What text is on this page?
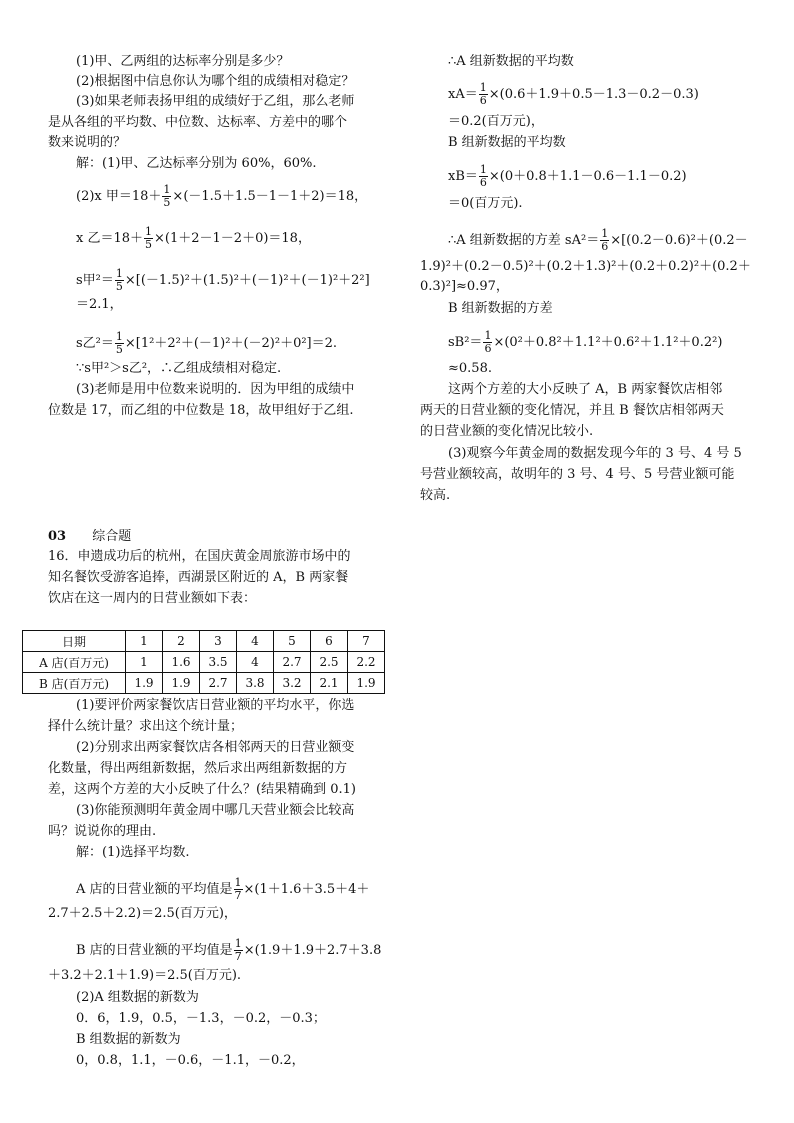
(1)甲、乙两组的达标率分别是多少？
(2)根据图中信息你认为哪个组的成绩相对稳定？
(3)如果老师表扬甲组的成绩好于乙组，那么老师
是从各组的平均数、中位数、达标率、方差中的哪个
数来说明的？
解：(1)甲、乙达标率分别为 60%，60%.
(2)x 甲$=18+ \frac{1}{5} \times(-1.5+1.5-1-1+2)=18$，
x 乙$=18+ \frac{1}{5} \times(1+2-1-2+0)=18$，
s甲$^2= \frac{1}{5} \times[(-1.5)^2+(1.5)^2+(-1)^2+(-1)^2+2^2]$
＝2.1，
s乙$^2= \frac{1}{5} \times[1^2+2^2+(-1)^2+(-2)^2+0^2]=2$.
∵s甲²＞s乙²，∴乙组成绩相对稳定.
(3)老师是用中位数来说明的．因为甲组的成绩中
位数是 17，而乙组的中位数是 18，故甲组好于乙组.
∴A 组新数据的平均数
$xA= \frac{1}{6} \times(0.6+1.9+0.5-1.3-0.2-0.3)$
＝0.2(百万元)，
B 组新数据的平均数
$xB= \frac{1}{6} \times(0+0.8+1.1-0.6-1.1-0.2)$
＝0(百万元).
∴A 组新数据的方差 $sA^2= \frac{1}{6} \times[(0.2-0.6)^2+(0.2-$
1.9)²＋(0.2－0.5)²＋(0.2＋1.3)²＋(0.2＋0.2)²＋(0.2＋
0.3)²]≈0.97，
B 组新数据的方差
$sB^2= \frac{1}{6} \times(0^2+0.8^2+1.1^2+0.6^2+1.1^2+0.2^2)$
≈0.58.
这两个方差的大小反映了 A，B 两家餐饮店相邻
两天的日营业额的变化情况，并且 B 餐饮店相邻两天
的日营业额的变化情况比较小.
(3)观察今年黄金周的数据发现今年的 3 号、4 号 5
号营业额较高，故明年的 3 号、4 号、5 号营业额可能
较高.
03 综合题
16．申遗成功后的杭州，在国庆黄金周旅游市场中的
知名餐饮受游客追捧，西湖景区附近的 A，B 两家餐
饮店在这一周内的日营业额如下表：
日期	1	2	3	4	5	6	7
A 店(百万元)	1	1.6	3.5	4	2.7	2.5	2.2
B 店(百万元)	1.9	1.9	2.7	3.8	3.2	2.1	1.9
(1)要评价两家餐饮店日营业额的平均水平，你选
择什么统计量？求出这个统计量；
(2)分别求出两家餐饮店各相邻两天的日营业额变
化数量，得出两组新数据，然后求出两组新数据的方
差，这两个方差的大小反映了什么？(结果精确到 0.1)
(3)你能预测明年黄金周中哪几天营业额会比较高
吗？说说你的理由.
解：(1)选择平均数.
A 店的日营业额的平均值是 $\frac{1}{7} \times(1+1.6+3.5+4+$
2.7＋2.5＋2.2)＝2.5(百万元)，
B 店的日营业额的平均值是 $\frac{1}{7} \times(1.9+1.9+2.7+3.8$
＋3.2＋2.1＋1.9)＝2.5(百万元).
(2)A 组数据的新数为
0．6，1.9，0.5，－1.3，－0.2，－0.3；
B 组数据的新数为
0，0.8，1.1，－0.6，－1.1，－0.2，
